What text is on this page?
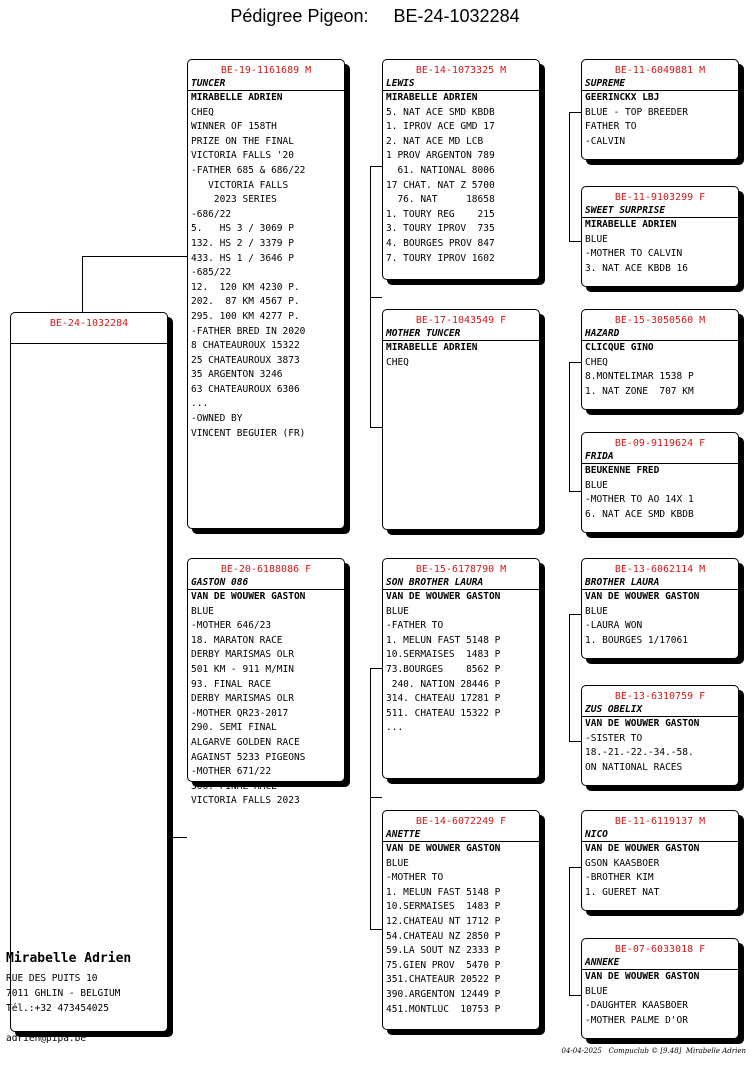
Pédigree Pigeon:     BE-24-1032284
BE-24-1032284
BE-19-1161689 M
TUNCER
MIRABELLE ADRIEN
CHEQ
WINNER OF 158TH
PRIZE ON THE FINAL
VICTORIA FALLS '20
-FATHER 685 & 686/22
VICTORIA FALLS
2023 SERIES
-686/22
5.   HS 3 / 3069 P
132. HS 2 / 3379 P
433. HS 1 / 3646 P
-685/22
12.  120 KM 4230 P.
202.  87 KM 4567 P.
295. 100 KM 4277 P.
-FATHER BRED IN 2020
8 CHATEAUROUX 15322
25 CHATEAUROUX 3873
35 ARGENTON 3246
63 CHATEAUROUX 6306
...
-OWNED BY
VINCENT BEGUIER (FR)
BE-20-6188086 F
GASTON 086
VAN DE WOUWER GASTON
BLUE
-MOTHER 646/23
18. MARATON RACE
DERBY MARISMAS OLR
501 KM - 911 M/MIN
93. FINAL RACE
DERBY MARISMAS OLR
-MOTHER QR23-2017
290. SEMI FINAL
ALGARVE GOLDEN RACE
AGAINST 5233 PIGEONS
-MOTHER 671/22
306. FINAL RACE
VICTORIA FALLS 2023
BE-14-1073325 M
LEWIS
MIRABELLE ADRIEN
5. NAT ACE SMD KBDB
1. IPROV ACE GMD 17
2. NAT ACE MD LCB
1 PROV ARGENTON 789
61. NATIONAL 8006
17 CHAT. NAT Z 5700
76. NAT     18658
1. TOURY REG    215
3. TOURY IPROV  735
4. BOURGES PROV 847
7. TOURY IPROV 1602
BE-17-1043549 F
MOTHER TUNCER
MIRABELLE ADRIEN
CHEQ
BE-15-6178790 M
SON BROTHER LAURA
VAN DE WOUWER GASTON
BLUE
-FATHER TO
1. MELUN FAST 5148 P
10.SERMAISES  1483 P
73.BOURGES    8562 P
240. NATION 28446 P
314. CHATEAU 17281 P
511. CHATEAU 15322 P
...
BE-14-6072249 F
ANETTE
VAN DE WOUWER GASTON
BLUE
-MOTHER TO
1. MELUN FAST 5148 P
10.SERMAISES  1483 P
12.CHATEAU NT 1712 P
54.CHATEAU NZ 2850 P
59.LA SOUT NZ 2333 P
75.GIEN PROV  5470 P
351.CHATEAUR 20522 P
390.ARGENTON 12449 P
451.MONTLUC  10753 P
BE-11-6049881 M
SUPREME
GEERINCKX LBJ
BLUE - TOP BREEDER
FATHER TO
-CALVIN
BE-11-9103299 F
SWEET SURPRISE
MIRABELLE ADRIEN
BLUE
-MOTHER TO CALVIN
3. NAT ACE KBDB 16
BE-15-3050560 M
HAZARD
CLICQUE GINO
CHEQ
8.MONTELIMAR 1538 P
1. NAT ZONE  707 KM
BE-09-9119624 F
FRIDA
BEUKENNE FRED
BLUE
-MOTHER TO AO 14X 1
6. NAT ACE SMD KBDB
BE-13-6062114 M
BROTHER LAURA
VAN DE WOUWER GASTON
BLUE
-LAURA WON
1. BOURGES 1/17061
BE-13-6310759 F
ZUS OBELIX
VAN DE WOUWER GASTON
-SISTER TO
18.-21.-22.-34.-58.
ON NATIONAL RACES
BE-11-6119137 M
NICO
VAN DE WOUWER GASTON
GSON KAASBOER
-BROTHER KIM
1. GUERET NAT
BE-07-6033018 F
ANNEKE
VAN DE WOUWER GASTON
BLUE
-DAUGHTER KAASBOER
-MOTHER PALME D'OR
Mirabelle Adrien
RUE DES PUITS 10
7011 GHLIN - BELGIUM
Tél.:+32 473454025
adrien@pipa.be
04-04-2025   Compuclub © [9.48]  Mirabelle Adrien
